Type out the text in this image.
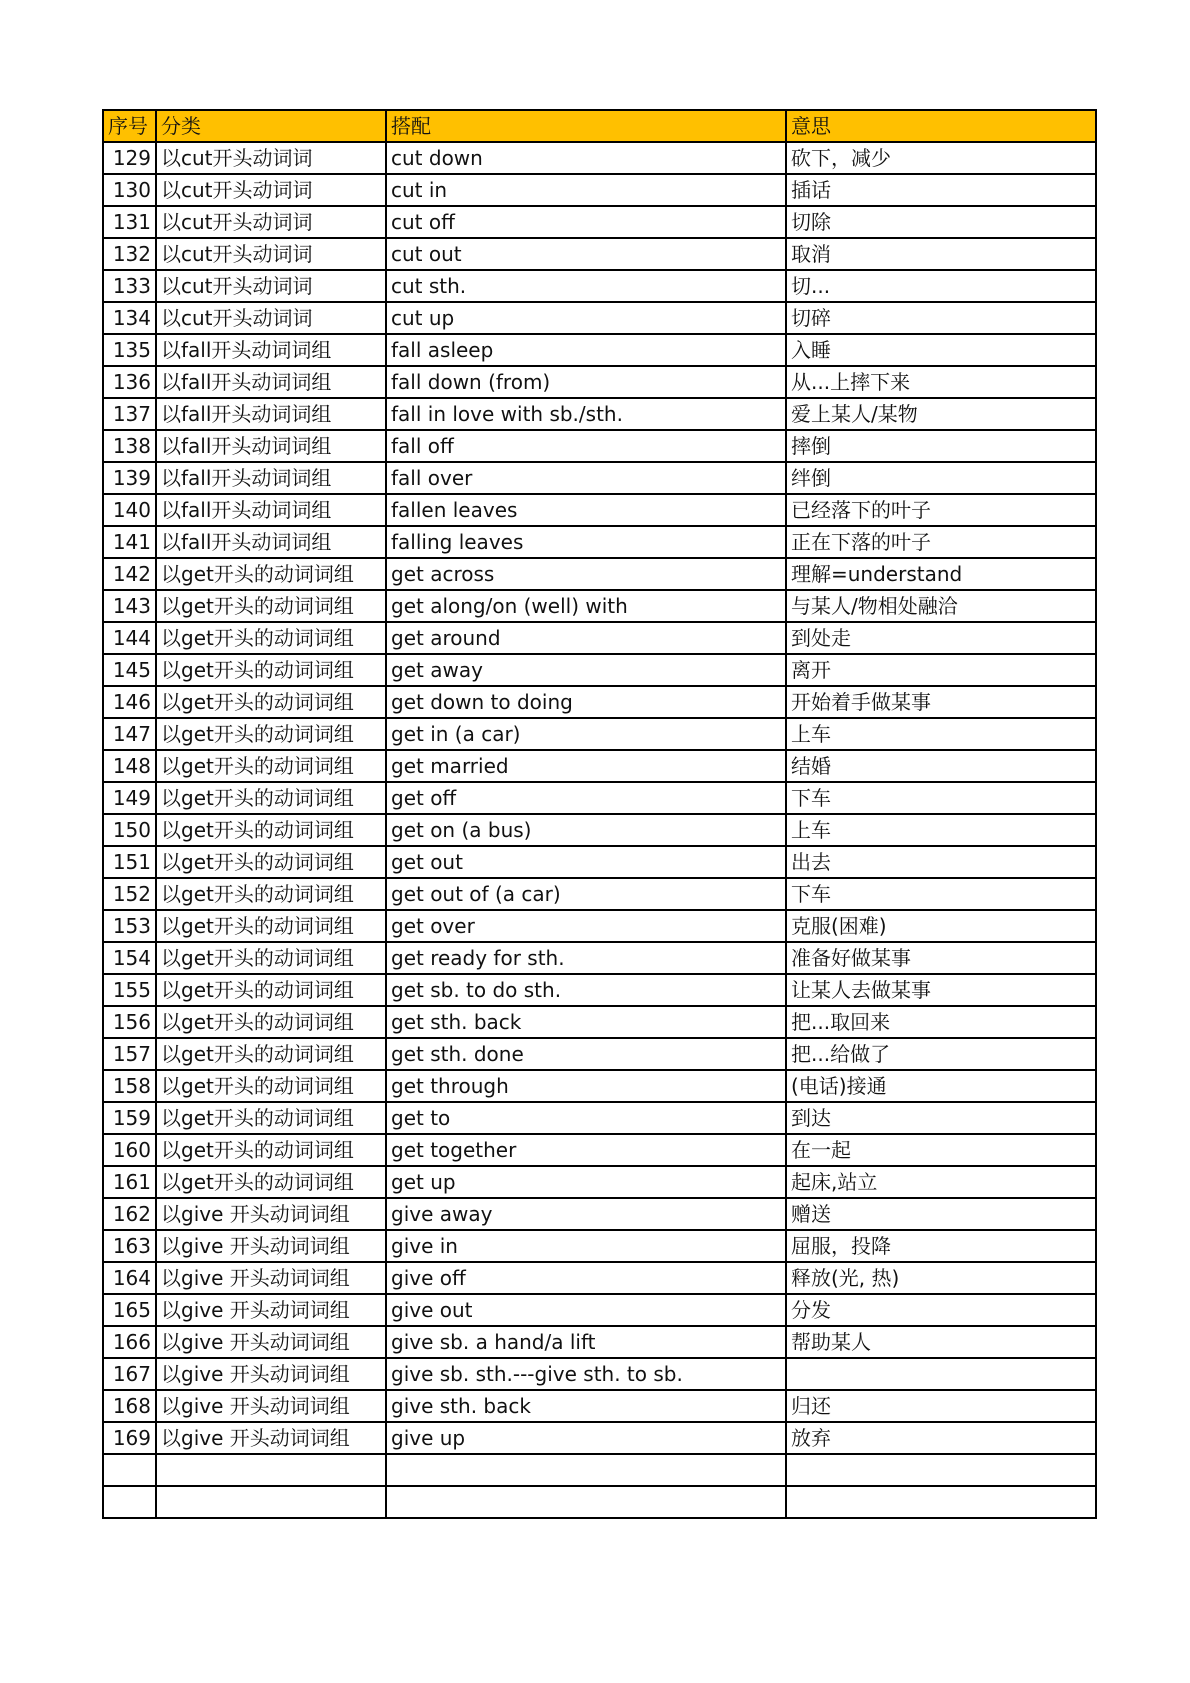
序号	分类	搭配	意思
129	以cut开头动词词	cut down	砍下，减少
130	以cut开头动词词	cut in	插话
131	以cut开头动词词	cut off	切除
132	以cut开头动词词	cut out	取消
133	以cut开头动词词	cut sth.	切...
134	以cut开头动词词	cut up	切碎
135	以fall开头动词词组	fall asleep	入睡
136	以fall开头动词词组	fall down (from)	从...上摔下来
137	以fall开头动词词组	fall in love with sb./sth.	爱上某人/某物
138	以fall开头动词词组	fall off	摔倒
139	以fall开头动词词组	fall over	绊倒
140	以fall开头动词词组	fallen leaves	已经落下的叶子
141	以fall开头动词词组	falling leaves	正在下落的叶子
142	以get开头的动词词组	get across	理解=understand
143	以get开头的动词词组	get along/on (well) with	与某人/物相处融洽
144	以get开头的动词词组	get around	到处走
145	以get开头的动词词组	get away	离开
146	以get开头的动词词组	get down to doing	开始着手做某事
147	以get开头的动词词组	get in (a car)	上车
148	以get开头的动词词组	get married	结婚
149	以get开头的动词词组	get off	下车
150	以get开头的动词词组	get on (a bus)	上车
151	以get开头的动词词组	get out	出去
152	以get开头的动词词组	get out of (a car)	下车
153	以get开头的动词词组	get over	克服(困难)
154	以get开头的动词词组	get ready for sth.	准备好做某事
155	以get开头的动词词组	get sb. to do sth.	让某人去做某事
156	以get开头的动词词组	get sth. back	把...取回来
157	以get开头的动词词组	get sth. done	把...给做了
158	以get开头的动词词组	get through	(电话)接通
159	以get开头的动词词组	get to	到达
160	以get开头的动词词组	get together	在一起
161	以get开头的动词词组	get up	起床,站立
162	以give 开头动词词组	give away	赠送
163	以give 开头动词词组	give in	屈服，投降
164	以give 开头动词词组	give off	释放(光, 热)
165	以give 开头动词词组	give out	分发
166	以give 开头动词词组	give sb. a hand/a lift	帮助某人
167	以give 开头动词词组	give sb. sth.---give sth. to sb.	
168	以give 开头动词词组	give sth. back	归还
169	以give 开头动词词组	give up	放弃
